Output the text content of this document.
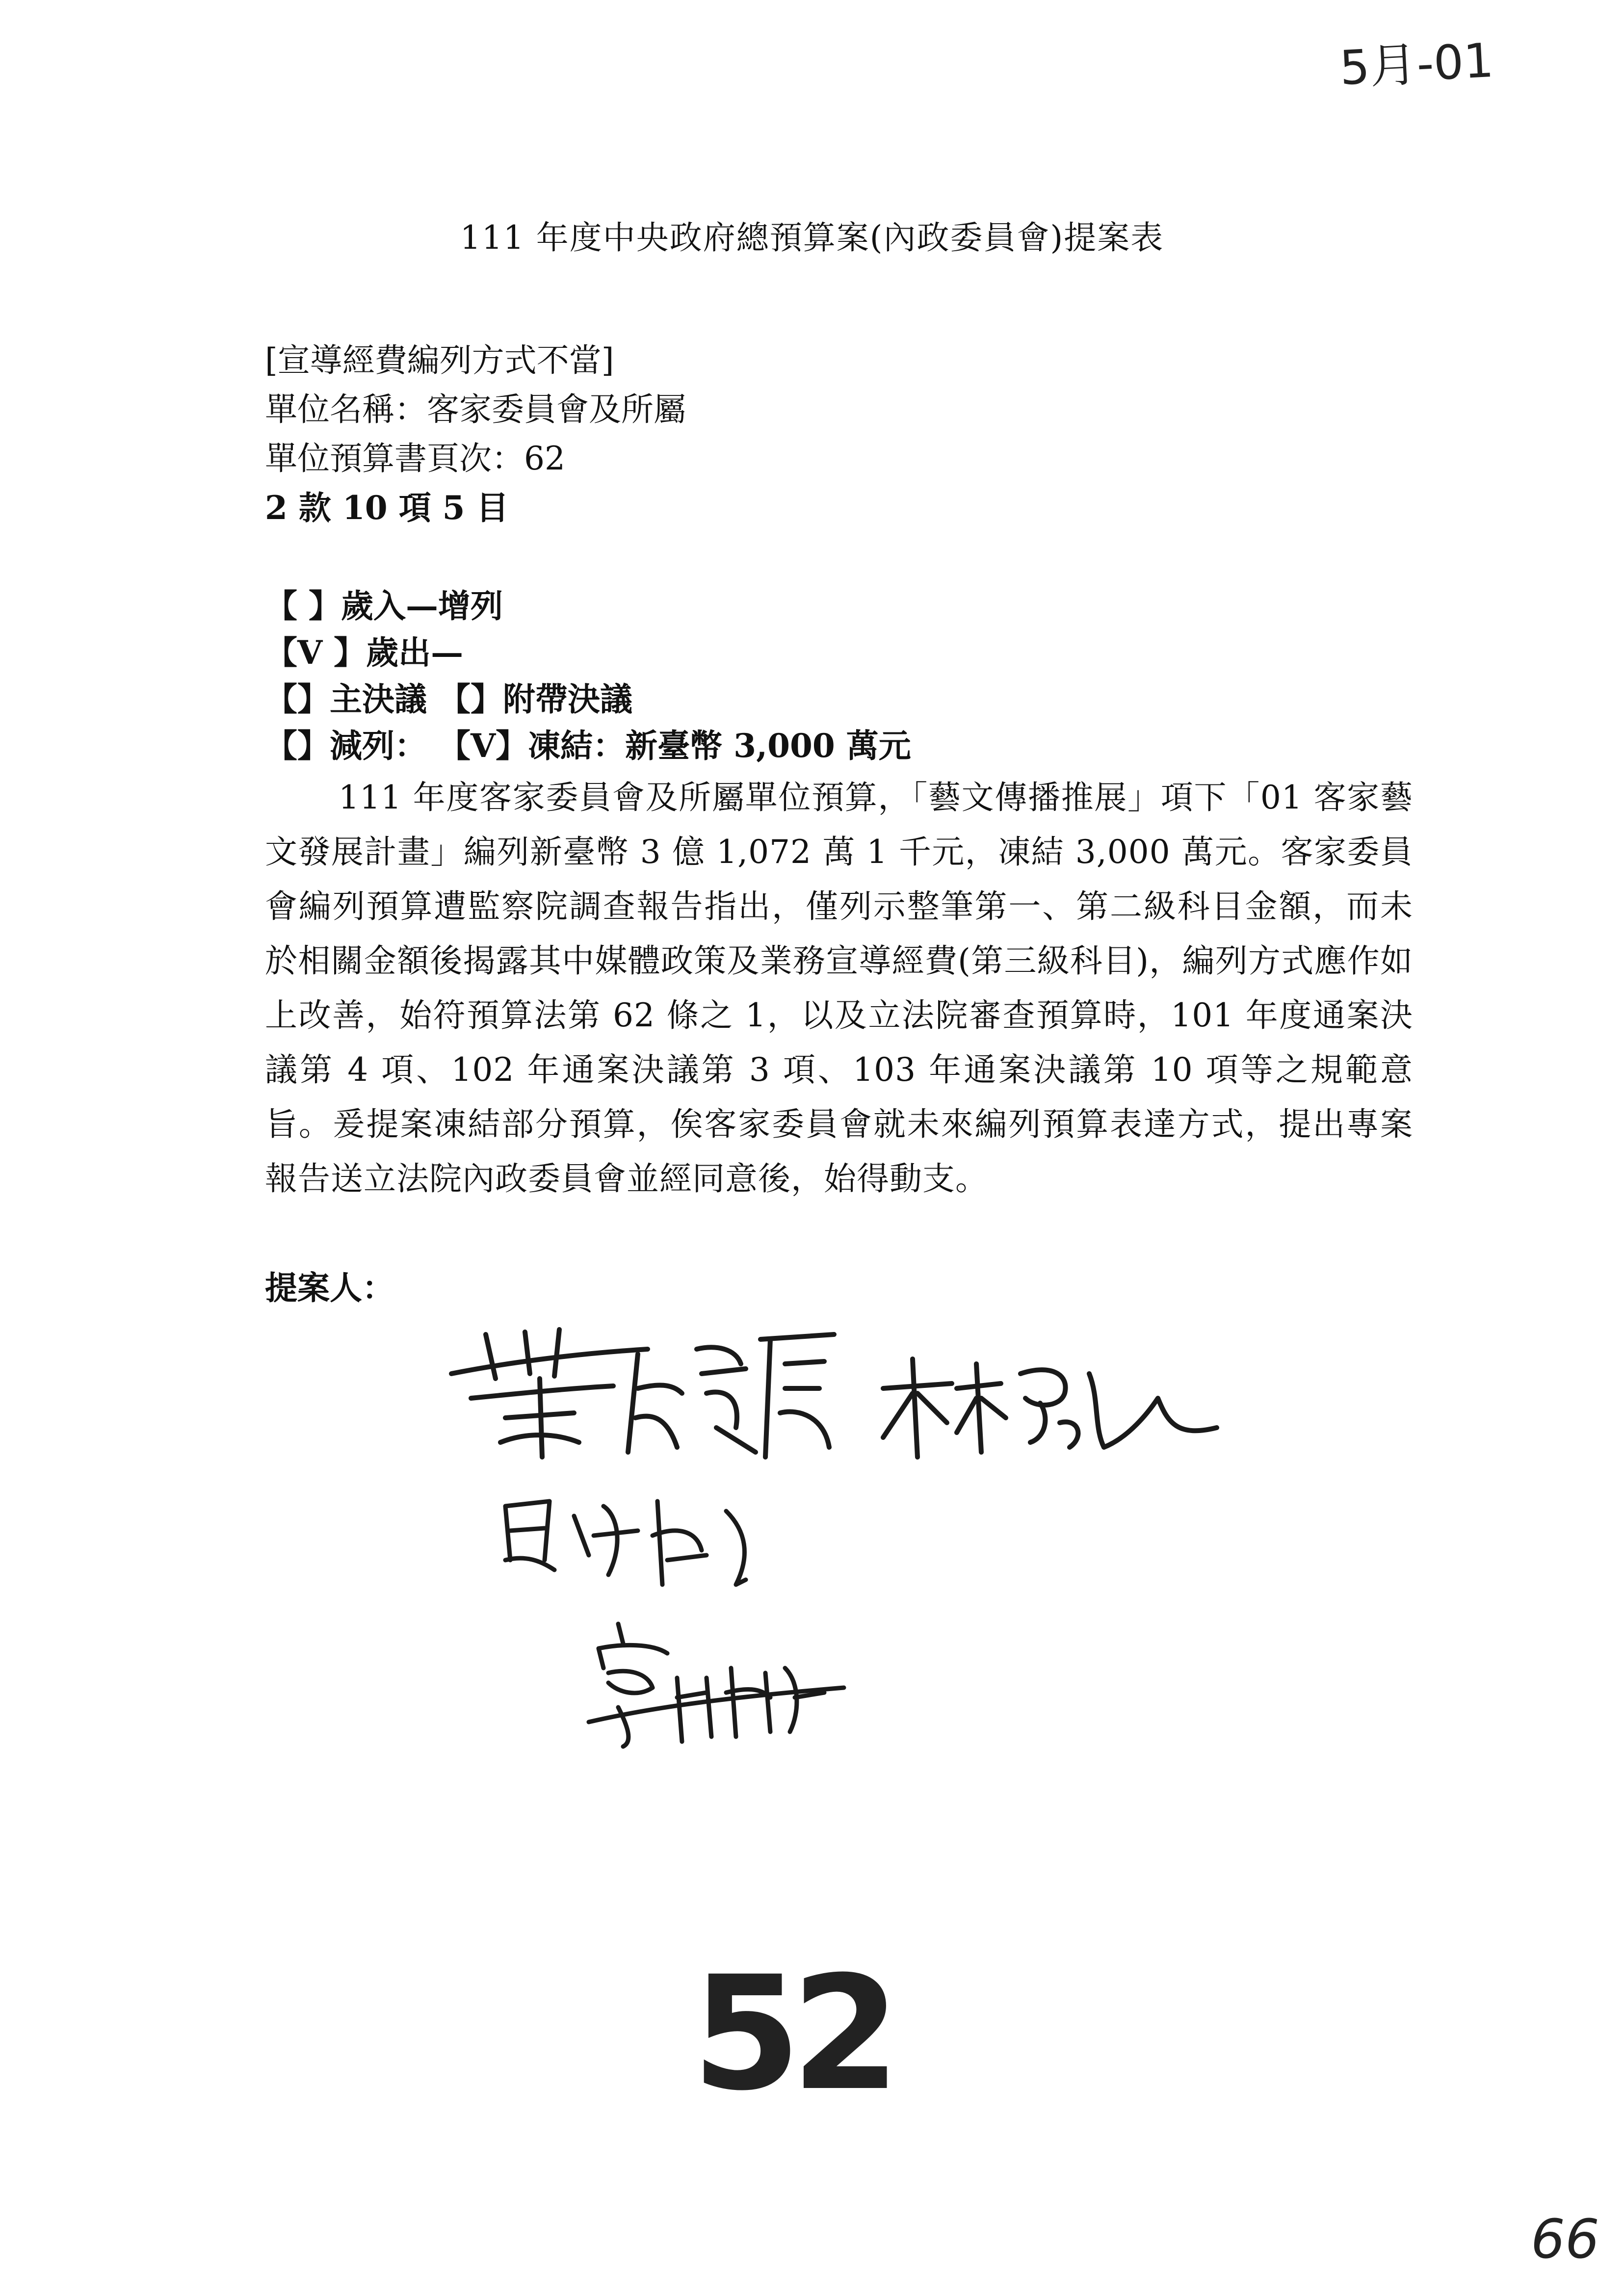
5月-01
111 年度中央政府總預算案(內政委員會)提案表
[宣導經費編列方式不當]
單位名稱：客家委員會及所屬
單位預算書頁次：62
2 款 10 項 5 目
【 】歲入—增列
【V 】歲出—
【】主決議 【】附帶決議
【】減列： 【V】凍結：新臺幣 3,000 萬元
111 年度客家委員會及所屬單位預算，「藝文傳播推展」項下「01 客家藝文發展計畫」編列新臺幣 3 億 1,072 萬 1 千元，凍結 3,000 萬元。客家委員會編列預算遭監察院調查報告指出，僅列示整筆第一、第二級科目金額，而未於相關金額後揭露其中媒體政策及業務宣導經費(第三級科目)，編列方式應作如上改善，始符預算法第 62 條之 1，以及立法院審查預算時，101 年度通案決議第 4 項、102 年通案決議第 3 項、103 年通案決議第 10 項等之規範意旨。爰提案凍結部分預算，俟客家委員會就未來編列預算表達方式，提出專案報告送立法院內政委員會並經同意後，始得動支。
提案人：
52
66
